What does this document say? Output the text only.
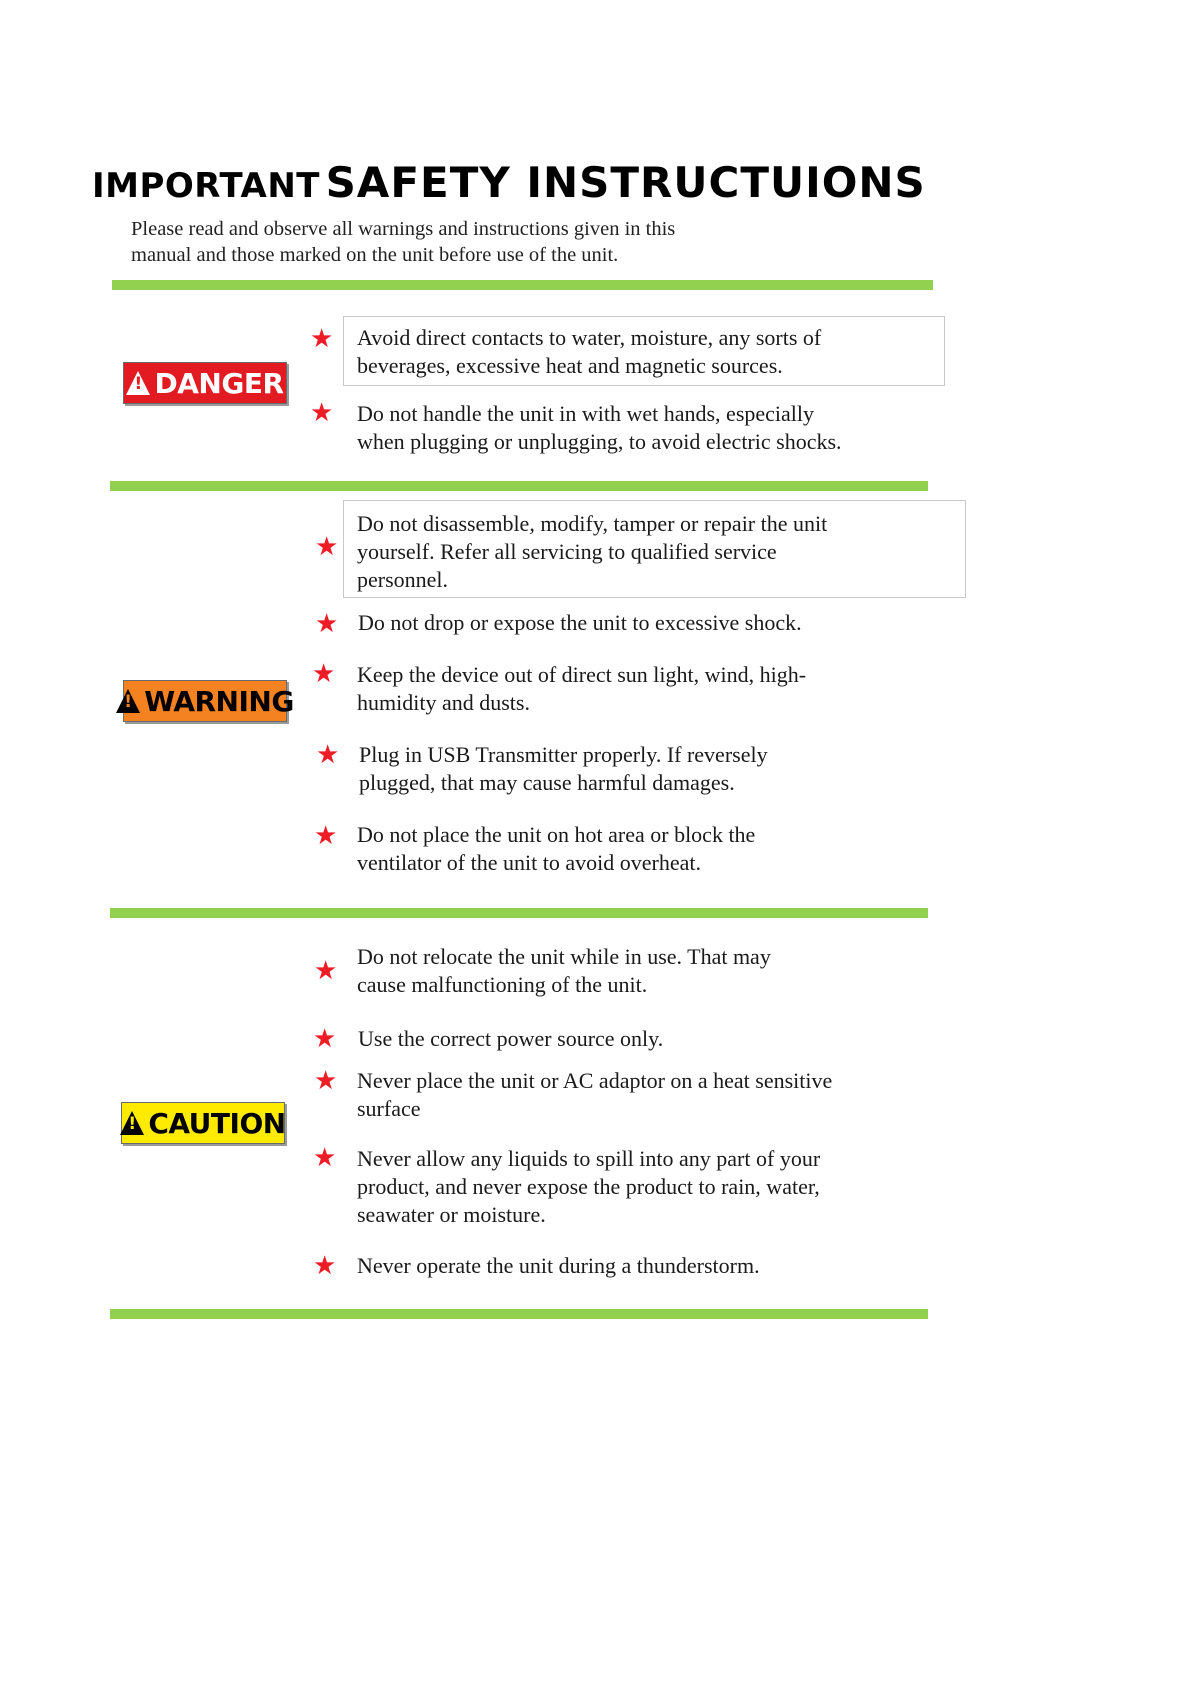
IMPORTANT SAFETY INSTRUCTUIONS
Please read and observe all warnings and instructions given in this
manual and those marked on the unit before use of the unit.
!
DANGER
!
WARNING
!
CAUTION
★ Avoid direct contacts to water, moisture, any sorts of
beverages, excessive heat and magnetic sources.
★ Do not handle the unit in with wet hands, especially
when plugging or unplugging, to avoid electric shocks.
★
Do not disassemble, modify, tamper or repair the unit
yourself. Refer all servicing to qualified service
personnel.
★ Do not drop or expose the unit to excessive shock.
★ Keep the device out of direct sun light, wind, high-
humidity and dusts.
★ Plug in USB Transmitter properly. If reversely
plugged, that may cause harmful damages.
★ Do not place the unit on hot area or block the
ventilator of the unit to avoid overheat.
★ Do not relocate the unit while in use. That may
cause malfunctioning of the unit.
★ Use the correct power source only.
★ Never place the unit or AC adaptor on a heat sensitive
surface
★ Never allow any liquids to spill into any part of your
product, and never expose the product to rain, water,
seawater or moisture.
★ Never operate the unit during a thunderstorm.
